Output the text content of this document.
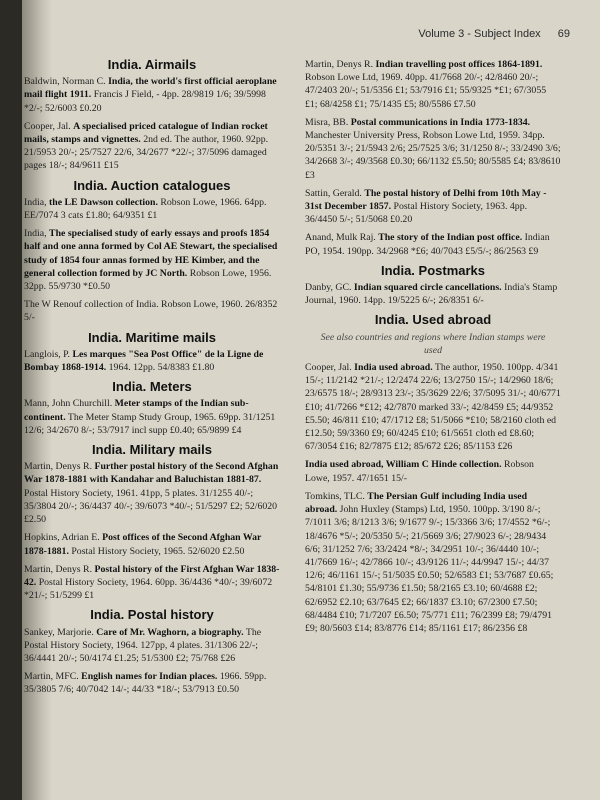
Volume 3 - Subject Index 69
India. Airmails
Baldwin, Norman C. India, the world's first official aeroplane mail flight 1911. Francis J Field, - 4pp. 28/9819 1/6; 39/5998 *2/-; 52/6003 £0.20
Cooper, Jal. A specialised priced catalogue of Indian rocket mails, stamps and vignettes. 2nd ed. The author, 1960. 92pp. 21/5953 20/-; 25/7527 22/6, 34/2677 *22/-; 37/5096 damaged pages 18/-; 84/9611 £15
India. Auction catalogues
India, the LE Dawson collection. Robson Lowe, 1966. 64pp. EE/7074 3 cats £1.80; 64/9351 £1
India, The specialised study of early essays and proofs 1854 half and one anna formed by Col AE Stewart, the specialised study of 1854 four annas formed by HE Kimber, and the general collection formed by JC North. Robson Lowe, 1956. 32pp. 55/9730 *£0.50
The W Renouf collection of India. Robson Lowe, 1960. 26/8352 5/-
India. Maritime mails
Langlois, P. Les marques "Sea Post Office" de la Ligne de Bombay 1868-1914. 1964. 12pp. 54/8383 £1.80
India. Meters
Mann, John Churchill. Meter stamps of the Indian sub-continent. The Meter Stamp Study Group, 1965. 69pp. 31/1251 12/6; 34/2670 8/-; 53/7917 incl supp £0.40; 65/9899 £4
India. Military mails
Martin, Denys R. Further postal history of the Second Afghan War 1878-1881 with Kandahar and Baluchistan 1881-87. Postal History Society, 1961. 41pp, 5 plates. 31/1255 40/-; 35/3804 20/-; 36/4437 40/-; 39/6073 *40/-; 51/5297 £2; 52/6020 £2.50
Hopkins, Adrian E. Post offices of the Second Afghan War 1878-1881. Postal History Society, 1965. 52/6020 £2.50
Martin, Denys R. Postal history of the First Afghan War 1838-42. Postal History Society, 1964. 60pp. 36/4436 *40/-; 39/6072 *21/-; 51/5299 £1
India. Postal history
Sankey, Marjorie. Care of Mr. Waghorn, a biography. The Postal History Society, 1964. 127pp, 4 plates. 31/1306 22/-; 36/4441 20/-; 50/4174 £1.25; 51/5300 £2; 75/768 £26
Martin, MFC. English names for Indian places. 1966. 59pp. 35/3805 7/6; 40/7042 14/-; 44/33 *18/-; 53/7913 £0.50
Martin, Denys R. Indian travelling post offices 1864-1891. Robson Lowe Ltd, 1969. 40pp. 41/7668 20/-; 42/8460 20/-; 47/2403 20/-; 51/5356 £1; 53/7916 £1; 55/9325 *£1; 67/3055 £1; 68/4258 £1; 75/1435 £5; 80/5586 £7.50
Misra, BB. Postal communications in India 1773-1834. Manchester University Press, Robson Lowe Ltd, 1959. 34pp. 20/5351 3/-; 21/5943 2/6; 25/7525 3/6; 31/1250 8/-; 33/2490 3/6; 34/2668 3/-; 49/3568 £0.30; 66/1132 £5.50; 80/5585 £4; 83/8610 £3
Sattin, Gerald. The postal history of Delhi from 10th May - 31st December 1857. Postal History Society, 1963. 4pp. 36/4450 5/-; 51/5068 £0.20
Anand, Mulk Raj. The story of the Indian post office. Indian PO, 1954. 190pp. 34/2968 *£6; 40/7043 £5/5/-; 86/2563 £9
India. Postmarks
Danby, GC. Indian squared circle cancellations. India's Stamp Journal, 1960. 14pp. 19/5225 6/-; 26/8351 6/-
India. Used abroad
See also countries and regions where Indian stamps were used
Cooper, Jal. India used abroad. The author, 1950. 100pp. 4/341 15/-; 11/2142 *21/-; 12/2474 22/6; 13/2750 15/-; 14/2960 18/6; 23/6575 18/-; 28/9313 23/-; 35/3629 22/6; 37/5095 31/-; 40/6771 £10; 41/7266 *£12; 42/7870 marked 33/-; 42/8459 £5; 44/9352 £5.50; 46/811 £10; 47/1712 £8; 51/5066 *£10; 58/2160 cloth ed £12.50; 59/3360 £9; 60/4245 £10; 61/5651 cloth ed £8.60; 67/3054 £16; 82/7875 £12; 85/672 £26; 85/1153 £26
India used abroad, William C Hinde collection. Robson Lowe, 1957. 47/1651 15/-
Tomkins, TLC. The Persian Gulf including India used abroad. John Huxley (Stamps) Ltd, 1950. 100pp. 3/190 8/-; 7/1011 3/6; 8/1213 3/6; 9/1677 9/-; 15/3366 3/6; 17/4552 *6/-; 18/4676 *5/-; 20/5350 5/-; 21/5669 3/6; 27/9023 6/-; 28/9434 6/6; 31/1252 7/6; 33/2424 *8/-; 34/2951 10/-; 36/4440 10/-; 41/7669 16/-; 42/7866 10/-; 43/9126 11/-; 44/9947 15/-; 44/37 12/6; 46/1161 15/-; 51/5035 £0.50; 52/6583 £1; 53/7687 £0.65; 54/8101 £1.30; 55/9736 £1.50; 58/2165 £3.10; 60/4688 £2; 62/6952 £2.10; 63/7645 £2; 66/1837 £3.10; 67/2300 £7.50; 68/4484 £10; 71/7207 £6.50; 75/771 £11; 76/2399 £8; 79/4791 £9; 80/5603 £14; 83/8776 £14; 85/1161 £17; 86/2356 £8
